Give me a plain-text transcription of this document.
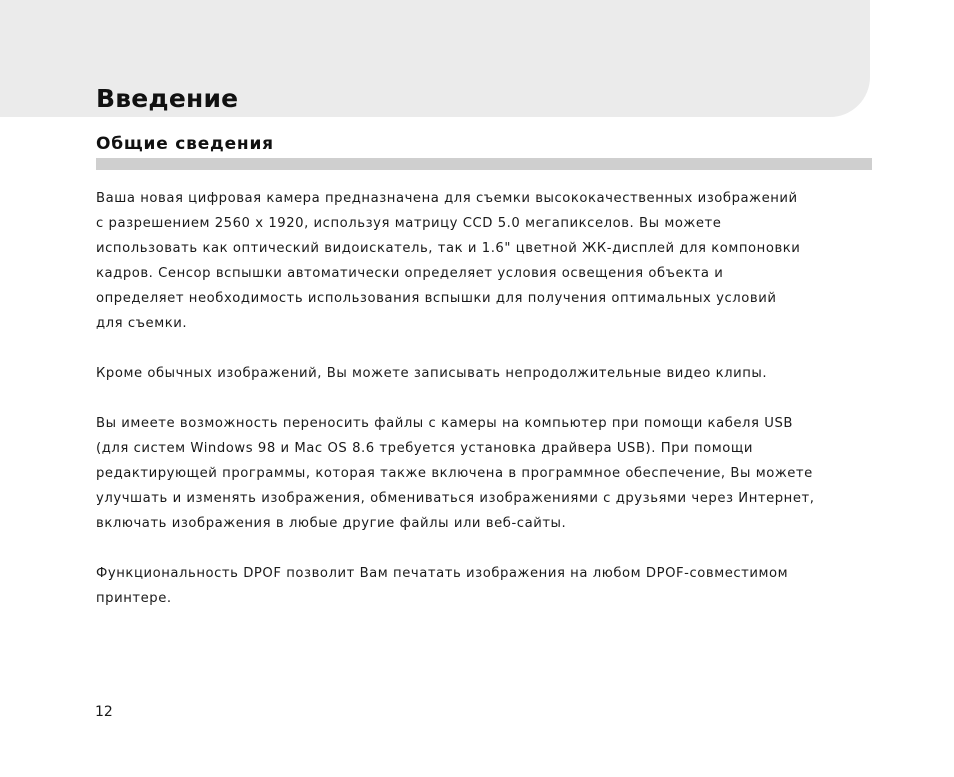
Введение
Общие сведения

Ваша новая цифровая камера предназначена для съемки высококачественных изображений
с разрешением 2560 x 1920, используя матрицу CCD 5.0 мегапикселов. Вы можете
использовать как оптический видоискатель, так и 1.6" цветной ЖК-дисплей для компоновки
кадров. Сенсор вспышки автоматически определяет условия освещения объекта и
определяет необходимость использования вспышки для получения оптимальных условий
для съемки.

Кроме обычных изображений, Вы можете записывать непродолжительные видео клипы.

Вы имеете возможность переносить файлы с камеры на компьютер при помощи кабеля USB
(для систем Windows 98 и Mac OS 8.6 требуется установка драйвера USB). При помощи
редактирующей программы, которая также включена в программное обеспечение, Вы можете
улучшать и изменять изображения, обмениваться изображениями с друзьями через Интернет,
включать изображения в любые другие файлы или веб-сайты.

Функциональность DPOF позволит Вам печатать изображения на любом DPOF-совместимом
принтере.

12
